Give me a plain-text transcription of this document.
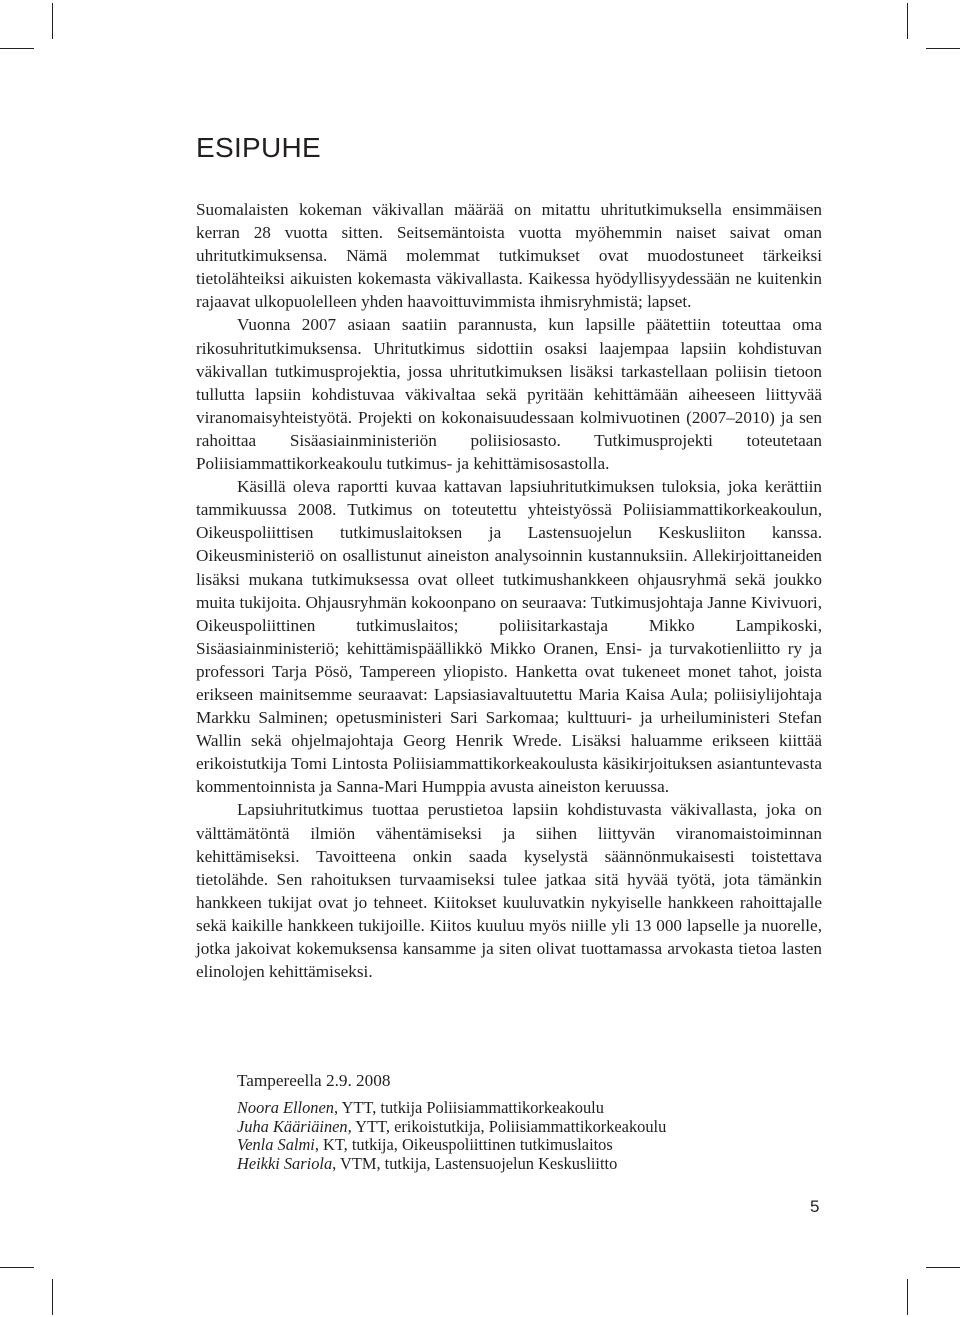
ESIPUHE

Suomalaisten kokeman väkivallan määrää on mitattu uhritutkimuksella ensimmäisen kerran 28 vuotta sitten. Seitsemäntoista vuotta myöhemmin naiset saivat oman uhritutkimuksensa. Nämä molemmat tutkimukset ovat muodostuneet tärkeiksi tietolähteiksi aikuisten kokemasta väkivallasta. Kaikessa hyödyllisyydessään ne kuitenkin rajaavat ulkopuolelleen yhden haavoittuvimmista ihmisryhmistä; lapset.

Vuonna 2007 asiaan saatiin parannusta, kun lapsille päätettiin toteuttaa oma rikosuhritutkimuksensa. Uhritutkimus sidottiin osaksi laajempaa lapsiin kohdistuvan väkivallan tutkimusprojektia, jossa uhritutkimuksen lisäksi tarkastellaan poliisin tietoon tullutta lapsiin kohdistuvaa väkivaltaa sekä pyritään kehittämään aiheeseen liittyvää viranomaisyhteistyötä. Projekti on kokonaisuudessaan kolmivuotinen (2007–2010) ja sen rahoittaa Sisäasiainministeriön poliisiosasto. Tutkimusprojekti toteutetaan Poliisiammattikorkeakoulu tutkimus- ja kehittämisosastolla.

Käsillä oleva raportti kuvaa kattavan lapsiuhritutkimuksen tuloksia, joka kerättiin tammikuussa 2008. Tutkimus on toteutettu yhteistyössä Poliisiammattikorkeakoulun, Oikeuspoliittisen tutkimuslaitoksen ja Lastensuojelun Keskusliiton kanssa. Oikeusministeriö on osallistunut aineiston analysoinnin kustannuksiin. Allekirjoittaneiden lisäksi mukana tutkimuksessa ovat olleet tutkimushankkeen ohjausryhmä sekä joukko muita tukijoita. Ohjausryhmän kokoonpano on seuraava: Tutkimusjohtaja Janne Kivivuori, Oikeuspoliittinen tutkimuslaitos; poliisitarkastaja Mikko Lampikoski, Sisäasiainministeriö; kehittämispäällikkö Mikko Oranen, Ensi- ja turvakotienliitto ry ja professori Tarja Pösö, Tampereen yliopisto. Hanketta ovat tukeneet monet tahot, joista erikseen mainitsemme seuraavat: Lapsiasiavaltuutettu Maria Kaisa Aula; poliisiylijohtaja Markku Salminen; opetusministeri Sari Sarkomaa; kulttuuri- ja urheiluministeri Stefan Wallin sekä ohjelmajohtaja Georg Henrik Wrede. Lisäksi haluamme erikseen kiittää erikoistutkija Tomi Lintosta Poliisiammattikorkeakoulusta käsikirjoituksen asiantuntevasta kommentoinnista ja Sanna-Mari Humppia avusta aineiston keruussa.

Lapsiuhritutkimus tuottaa perustietoa lapsiin kohdistuvasta väkivallasta, joka on välttämätöntä ilmiön vähentämiseksi ja siihen liittyvän viranomaistoiminnan kehittämiseksi. Tavoitteena onkin saada kyselystä säännönmukaisesti toistettava tietolähde. Sen rahoituksen turvaamiseksi tulee jatkaa sitä hyvää työtä, jota tämänkin hankkeen tukijat ovat jo tehneet. Kiitokset kuuluvatkin nykyiselle hankkeen rahoittajalle sekä kaikille hankkeen tukijoille. Kiitos kuuluu myös niille yli 13 000 lapselle ja nuorelle, jotka jakoivat kokemuksensa kansamme ja siten olivat tuottamassa arvokasta tietoa lasten elinolojen kehittämiseksi.

Tampereella 2.9. 2008

Noora Ellonen, YTT, tutkija Poliisiammattikorkeakoulu
Juha Kääriäinen, YTT, erikoistutkija, Poliisiammattikorkeakoulu
Venla Salmi, KT, tutkija, Oikeuspoliittinen tutkimuslaitos
Heikki Sariola, VTM, tutkija, Lastensuojelun Keskusliitto

5
